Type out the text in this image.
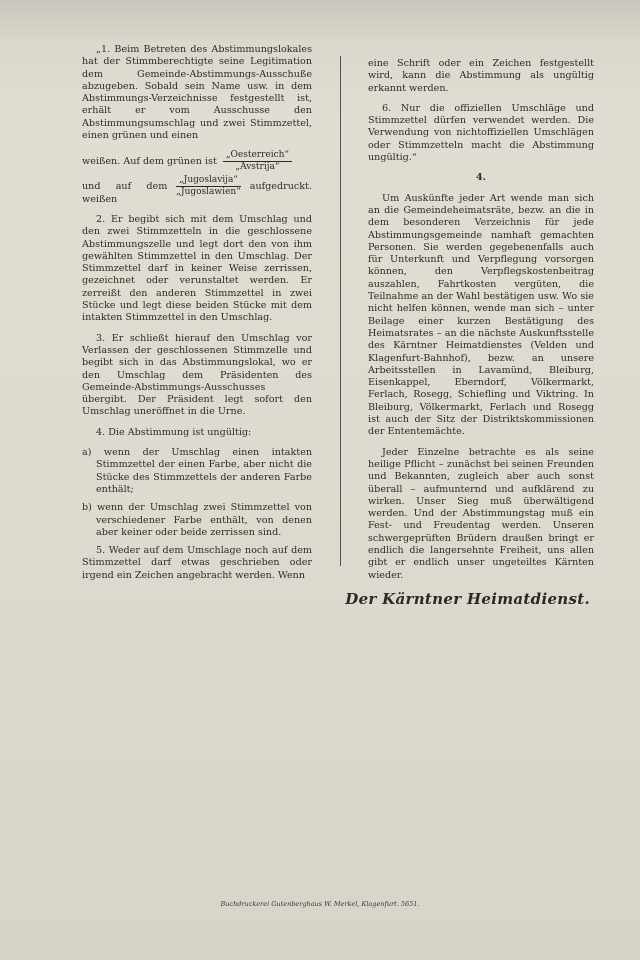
„1. Beim Betreten des Abstimmungslokales hat der Stimmberechtigte seine Legitimation dem Gemeinde-Abstimmungs-Ausschuße abzugeben. Sobald sein Name usw. in dem Abstimmungs-Verzeichnisse festgestellt ist, erhält er vom Ausschusse den Abstimmungsumschlag und zwei Stimmzettel, einen grünen und einen

weißen. Auf dem grünen ist $\frac{\text{„Oesterreich“}}{\text{„Avstrija“}}$
und auf dem weißen
$\frac{\text{„Jugoslavija“}}{\text{„Jugoslawien“}}$ aufgedruckt.

2. Er begibt sich mit dem Umschlag und den zwei Stimmzetteln in die geschlossene Abstimmungszelle und legt dort den von ihm gewählten Stimmzettel in den Umschlag. Der Stimmzettel darf in keiner Weise zerrissen, gezeichnet oder verunstaltet werden. Er zerreißt den anderen Stimmzettel in zwei Stücke und legt diese beiden Stücke mit dem intakten Stimmzettel in den Umschlag.

3. Er schließt hierauf den Umschlag vor Verlassen der geschlossenen Stimmzelle und begibt sich in das Abstimmungslokal, wo er den Umschlag dem Präsidenten des Gemeinde-Abstimmungs-Ausschusses übergibt. Der Präsident legt sofort den Umschlag uneröffnet in die Urne.

4. Die Abstimmung ist ungültig:

a) wenn der Umschlag einen intakten Stimmzettel der einen Farbe, aber nicht die Stücke des Stimmzettels der anderen Farbe enthält;
b) wenn der Umschlag zwei Stimmzettel von verschiedener Farbe enthält, von denen aber keiner oder beide zerrissen sind.

5. Weder auf dem Umschlage noch auf dem Stimmzettel darf etwas geschrieben oder irgend ein Zeichen angebracht werden. Wenn

eine Schrift oder ein Zeichen festgestellt wird, kann die Abstimmung als ungültig erkannt werden.

6. Nur die offiziellen Umschläge und Stimmzettel dürfen verwendet werden. Die Verwendung von nichtoffiziellen Umschlägen oder Stimmzetteln macht die Abstimmung ungültig.“

4.

Um Auskünfte jeder Art wende man sich an die Gemeindeheimatsräte, bezw. an die in dem besonderen Verzeichnis für jede Abstimmungsgemeinde namhaft gemachten Personen. Sie werden gegebenenfalls auch für Unterkunft und Verpflegung vorsorgen können, den Verpflegskostenbeitrag auszahlen, Fahrtkosten vergüten, die Teilnahme an der Wahl bestätigen usw. Wo sie nicht helfen können, wende man sich – unter Beilage einer kurzen Bestätigung des Heimatsrates – an die nächste Auskunftsstelle des Kärntner Heimatdienstes (Velden und Klagenfurt-Bahnhof), bezw. an unsere Arbeitsstellen in Lavamünd, Bleiburg, Eisenkappel, Eberndorf, Völkermarkt, Ferlach, Rosegg, Schiefling und Viktring. In Bleiburg, Völkermarkt, Ferlach und Rosegg ist auch der Sitz der Distriktskommissionen der Ententemächte.

Jeder Einzelne betrachte es als seine heilige Pflicht – zunächst bei seinen Freunden und Bekannten, zugleich aber auch sonst überall – aufmunternd und aufklärend zu wirken. Unser Sieg muß überwältigend werden. Und der Abstimmungstag muß ein Fest- und Freudentag werden. Unseren schwergeprüften Brüdern draußen bringt er endlich die langersehnte Freiheit, uns allen gibt er endlich unser ungeteiltes Kärnten wieder.

Der Kärntner Heimatdienst.
Buchdruckerei Gutenberghaus W. Merkel, Klagenfurt. 5651.
